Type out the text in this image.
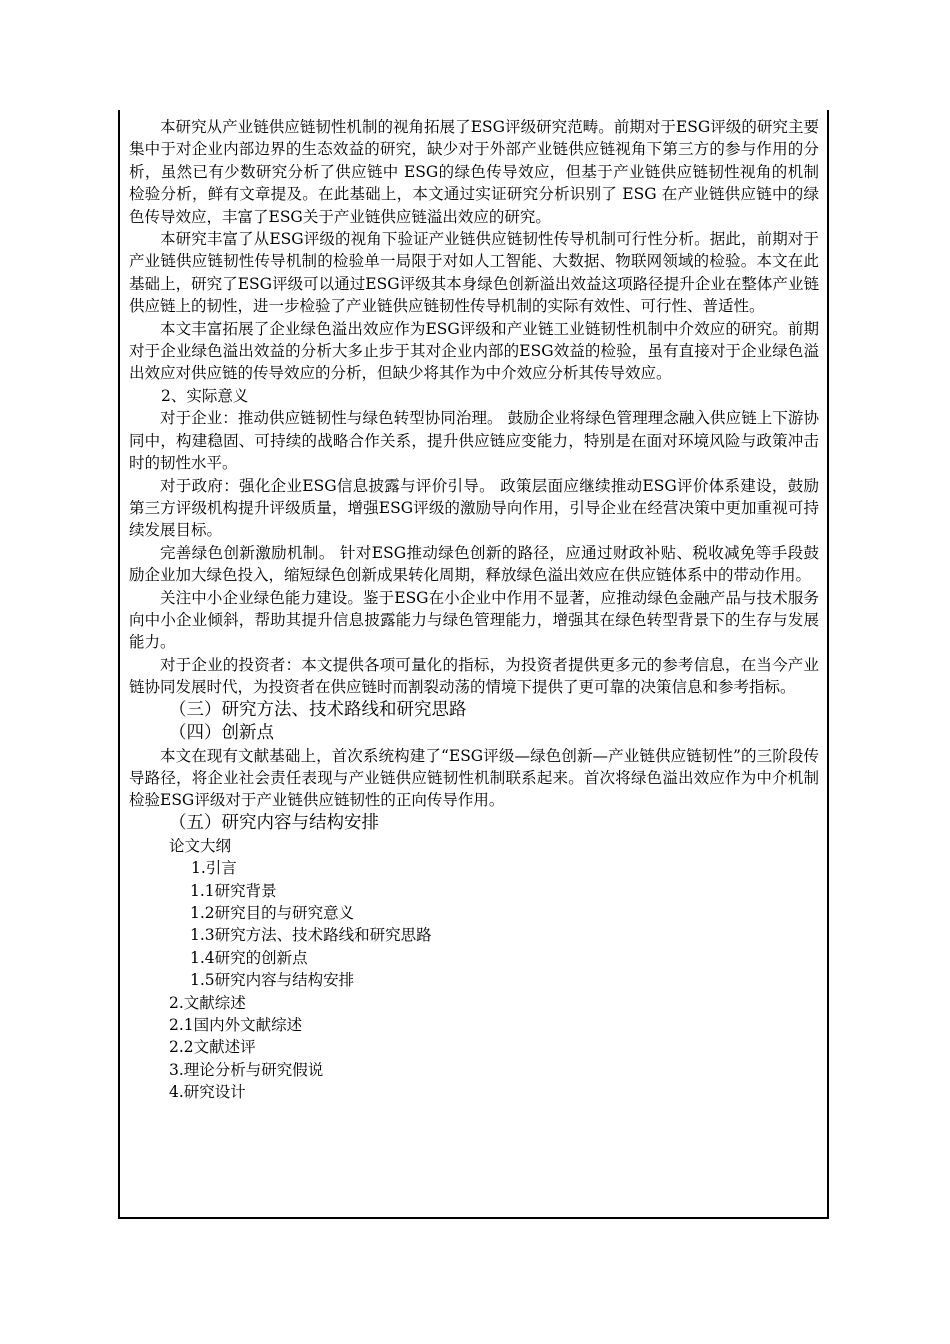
本研究从产业链供应链韧性机制的视角拓展了ESG评级研究范畴。前期对于ESG评级的研究主要集中于对企业内部边界的生态效益的研究，缺少对于外部产业链供应链视角下第三方的参与作用的分析，虽然已有少数研究分析了供应链中 ESG的绿色传导效应，但基于产业链供应链韧性视角的机制检验分析，鲜有文章提及。在此基础上，本文通过实证研究分析识别了 ESG 在产业链供应链中的绿色传导效应，丰富了ESG关于产业链供应链溢出效应的研究。

本研究丰富了从ESG评级的视角下验证产业链供应链韧性传导机制可行性分析。据此，前期对于产业链供应链韧性传导机制的检验单一局限于对如人工智能、大数据、物联网领域的检验。本文在此基础上，研究了ESG评级可以通过ESG评级其本身绿色创新溢出效益这项路径提升企业在整体产业链供应链上的韧性，进一步检验了产业链供应链韧性传导机制的实际有效性、可行性、普适性。

本文丰富拓展了企业绿色溢出效应作为ESG评级和产业链工业链韧性机制中介效应的研究。前期对于企业绿色溢出效益的分析大多止步于其对企业内部的ESG效益的检验，虽有直接对于企业绿色溢出效应对供应链的传导效应的分析，但缺少将其作为中介效应分析其传导效应。

2、实际意义

对于企业：推动供应链韧性与绿色转型协同治理。 鼓励企业将绿色管理理念融入供应链上下游协同中，构建稳固、可持续的战略合作关系，提升供应链应变能力，特别是在面对环境风险与政策冲击时的韧性水平。

对于政府：强化企业ESG信息披露与评价引导。 政策层面应继续推动ESG评价体系建设，鼓励第三方评级机构提升评级质量，增强ESG评级的激励导向作用，引导企业在经营决策中更加重视可持续发展目标。

完善绿色创新激励机制。 针对ESG推动绿色创新的路径，应通过财政补贴、税收减免等手段鼓励企业加大绿色投入，缩短绿色创新成果转化周期，释放绿色溢出效应在供应链体系中的带动作用。

关注中小企业绿色能力建设。鉴于ESG在小企业中作用不显著，应推动绿色金融产品与技术服务向中小企业倾斜，帮助其提升信息披露能力与绿色管理能力，增强其在绿色转型背景下的生存与发展能力。

对于企业的投资者：本文提供各项可量化的指标，为投资者提供更多元的参考信息，在当今产业链协同发展时代，为投资者在供应链时而割裂动荡的情境下提供了更可靠的决策信息和参考指标。

（三）研究方法、技术路线和研究思路

（四）创新点

本文在现有文献基础上，首次系统构建了“ESG评级—绿色创新—产业链供应链韧性”的三阶段传导路径，将企业社会责任表现与产业链供应链韧性机制联系起来。首次将绿色溢出效应作为中介机制检验ESG评级对于产业链供应链韧性的正向传导作用。

（五）研究内容与结构安排

论文大纲

1.引言

1.1研究背景

1.2研究目的与研究意义

1.3研究方法、技术路线和研究思路

1.4研究的创新点

1.5研究内容与结构安排

2.文献综述

2.1国内外文献综述

2.2文献述评

3.理论分析与研究假说

4.研究设计
